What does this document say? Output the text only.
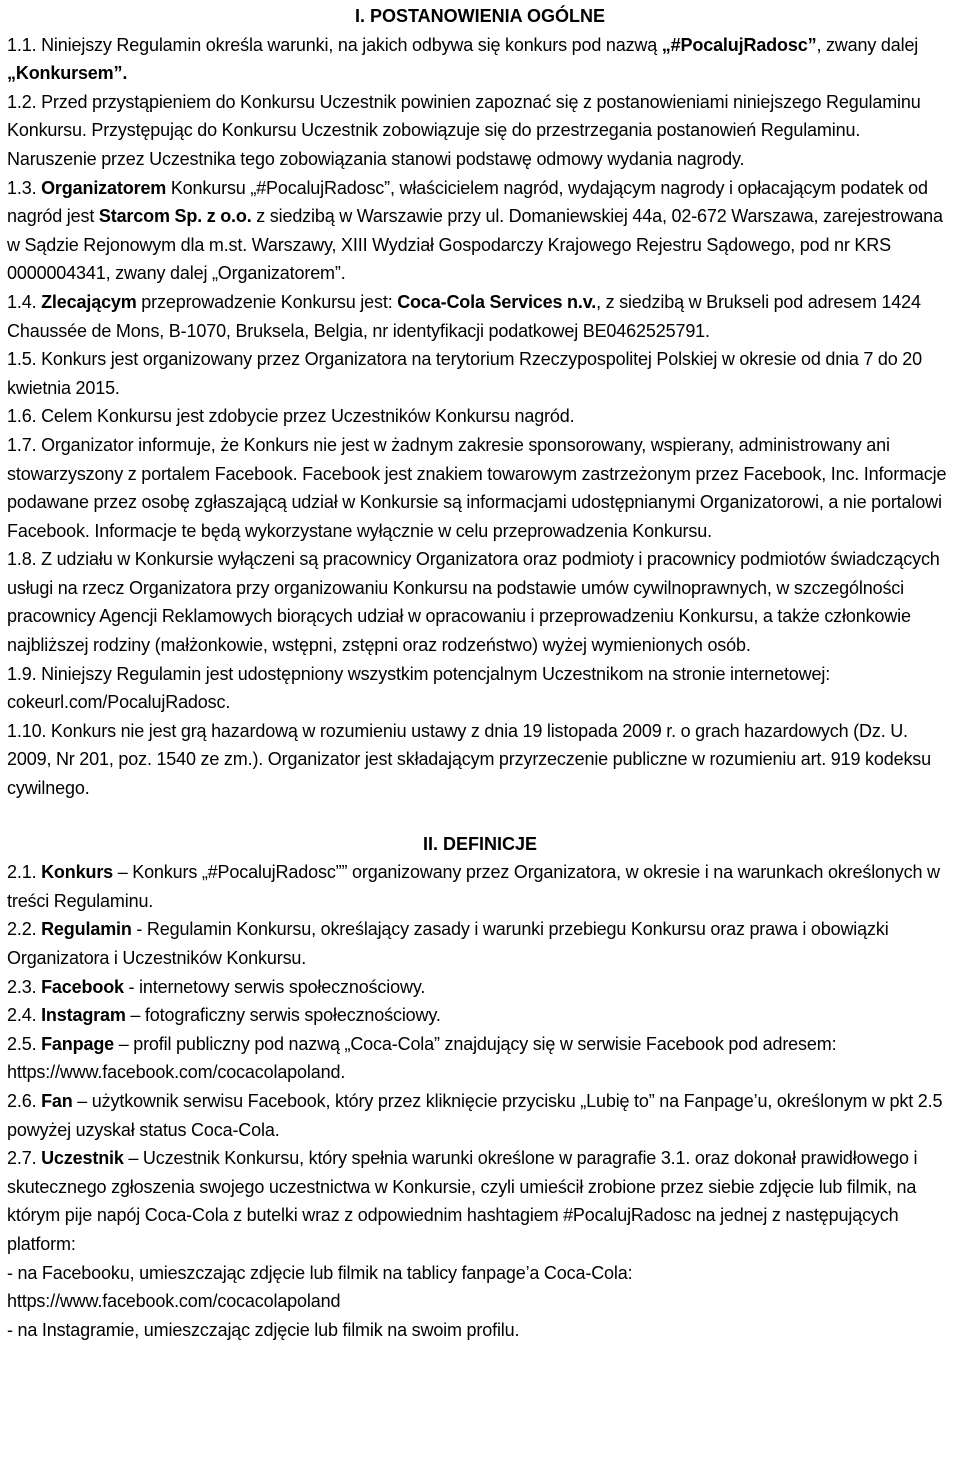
I. POSTANOWIENIA OGÓLNE

1.1. Niniejszy Regulamin określa warunki, na jakich odbywa się konkurs pod nazwą „#PocalujRadosc”, zwany dalej „Konkursem”.

1.2. Przed przystąpieniem do Konkursu Uczestnik powinien zapoznać się z postanowieniami niniejszego Regulaminu Konkursu. Przystępując do Konkursu Uczestnik zobowiązuje się do przestrzegania postanowień Regulaminu. Naruszenie przez Uczestnika tego zobowiązania stanowi podstawę odmowy wydania nagrody.

1.3. Organizatorem Konkursu „#PocalujRadosc”, właścicielem nagród, wydającym nagrody i opłacającym podatek od nagród jest Starcom Sp. z o.o. z siedzibą w Warszawie przy ul. Domaniewskiej 44a, 02-672 Warszawa, zarejestrowana w Sądzie Rejonowym dla m.st. Warszawy, XIII Wydział Gospodarczy Krajowego Rejestru Sądowego, pod nr KRS 0000004341, zwany dalej „Organizatorem”.

1.4. Zlecającym przeprowadzenie Konkursu jest: Coca-Cola Services n.v., z siedzibą w Brukseli pod adresem 1424 Chaussée de Mons, B-1070, Bruksela, Belgia, nr identyfikacji podatkowej BE0462525791.

1.5. Konkurs jest organizowany przez Organizatora na terytorium Rzeczypospolitej Polskiej w okresie od dnia 7 do 20 kwietnia 2015.

1.6. Celem Konkursu jest zdobycie przez Uczestników Konkursu nagród.

1.7. Organizator informuje, że Konkurs nie jest w żadnym zakresie sponsorowany, wspierany, administrowany ani stowarzyszony z portalem Facebook. Facebook jest znakiem towarowym zastrzeżonym przez Facebook, Inc. Informacje podawane przez osobę zgłaszającą udział w Konkursie są informacjami udostępnianymi Organizatorowi, a nie portalowi Facebook. Informacje te będą wykorzystane wyłącznie w celu przeprowadzenia Konkursu.

1.8. Z udziału w Konkursie wyłączeni są pracownicy Organizatora oraz podmioty i pracownicy podmiotów świadczących usługi na rzecz Organizatora przy organizowaniu Konkursu na podstawie umów cywilnoprawnych, w szczególności pracownicy Agencji Reklamowych biorących udział w opracowaniu i przeprowadzeniu Konkursu, a także członkowie najbliższej rodziny (małżonkowie, wstępni, zstępni oraz rodzeństwo) wyżej wymienionych osób.

1.9. Niniejszy Regulamin jest udostępniony wszystkim potencjalnym Uczestnikom na stronie internetowej: cokeurl.com/PocalujRadosc.

1.10. Konkurs nie jest grą hazardową w rozumieniu ustawy z dnia 19 listopada 2009 r. o grach hazardowych (Dz. U. 2009, Nr 201, poz. 1540 ze zm.). Organizator jest składającym przyrzeczenie publiczne w rozumieniu art. 919 kodeksu cywilnego.

II. DEFINICJE

2.1. Konkurs – Konkurs „#PocalujRadosc”” organizowany przez Organizatora, w okresie i na warunkach określonych w treści Regulaminu.

2.2. Regulamin - Regulamin Konkursu, określający zasady i warunki przebiegu Konkursu oraz prawa i obowiązki Organizatora i Uczestników Konkursu.

2.3. Facebook - internetowy serwis społecznościowy.

2.4. Instagram – fotograficzny serwis społecznościowy.

2.5. Fanpage – profil publiczny pod nazwą „Coca-Cola” znajdujący się w serwisie Facebook pod adresem: https://www.facebook.com/cocacolapoland.

2.6. Fan – użytkownik serwisu Facebook, który przez kliknięcie przycisku „Lubię to” na Fanpage’u, określonym w pkt 2.5 powyżej uzyskał status Coca-Cola.

2.7. Uczestnik – Uczestnik Konkursu, który spełnia warunki określone w paragrafie 3.1. oraz dokonał prawidłowego i skutecznego zgłoszenia swojego uczestnictwa w Konkursie, czyli umieścił zrobione przez siebie zdjęcie lub filmik, na którym pije napój Coca-Cola z butelki wraz z odpowiednim hashtagiem #PocalujRadosc na jednej z następujących platform:

- na Facebooku, umieszczając zdjęcie lub filmik na tablicy fanpage’a Coca-Cola: https://www.facebook.com/cocacolapoland

- na Instagramie, umieszczając zdjęcie lub filmik na swoim profilu.
